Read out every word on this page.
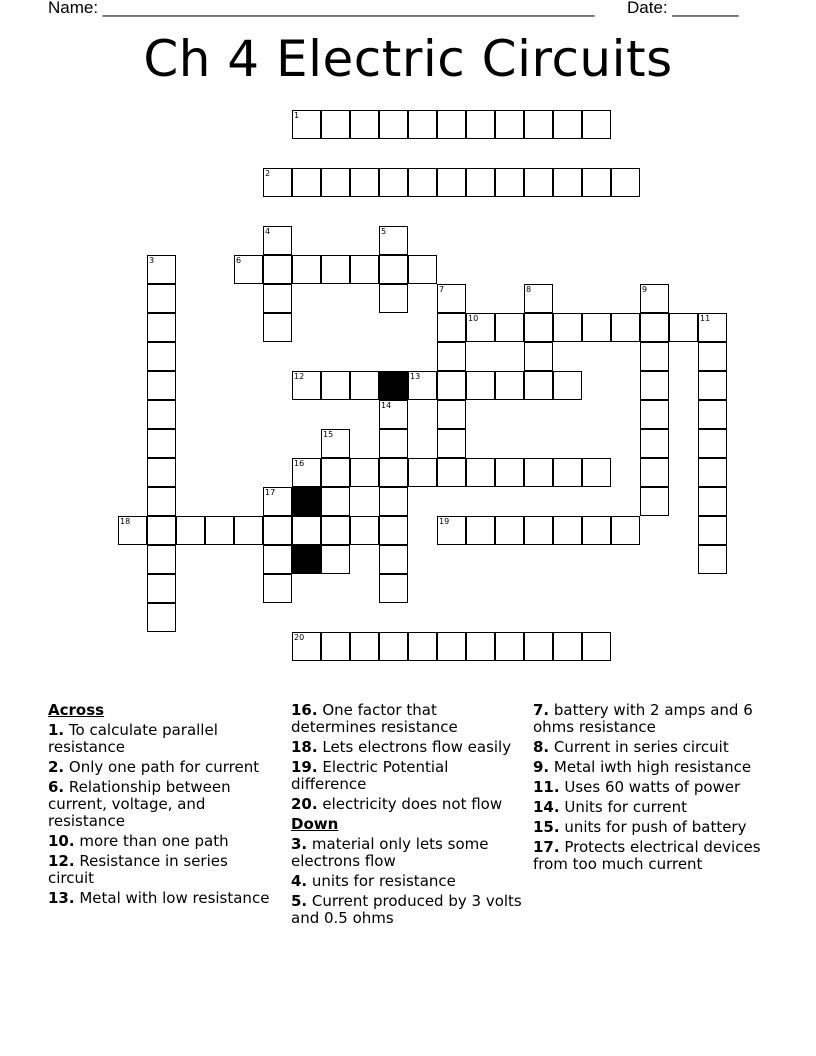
Name: ____________________________________________________ Date: _______
Ch 4 Electric Circuits
1
2
3
4	5
6
7	8	9
10	11
12	13
14
15
16
17
18	19
20
Across
1. To calculate parallel resistance
2. Only one path for current
6. Relationship between current, voltage, and resistance
10. more than one path
12. Resistance in series circuit
13. Metal with low resistance
16. One factor that determines resistance
18. Lets electrons flow easily
19. Electric Potential difference
20. electricity does not flow
Down
3. material only lets some electrons flow
4. units for resistance
5. Current produced by 3 volts and 0.5 ohms
7. battery with 2 amps and 6 ohms resistance
8. Current in series circuit
9. Metal iwth high resistance
11. Uses 60 watts of power
14. Units for current
15. units for push of battery
17. Protects electrical devices from too much current
